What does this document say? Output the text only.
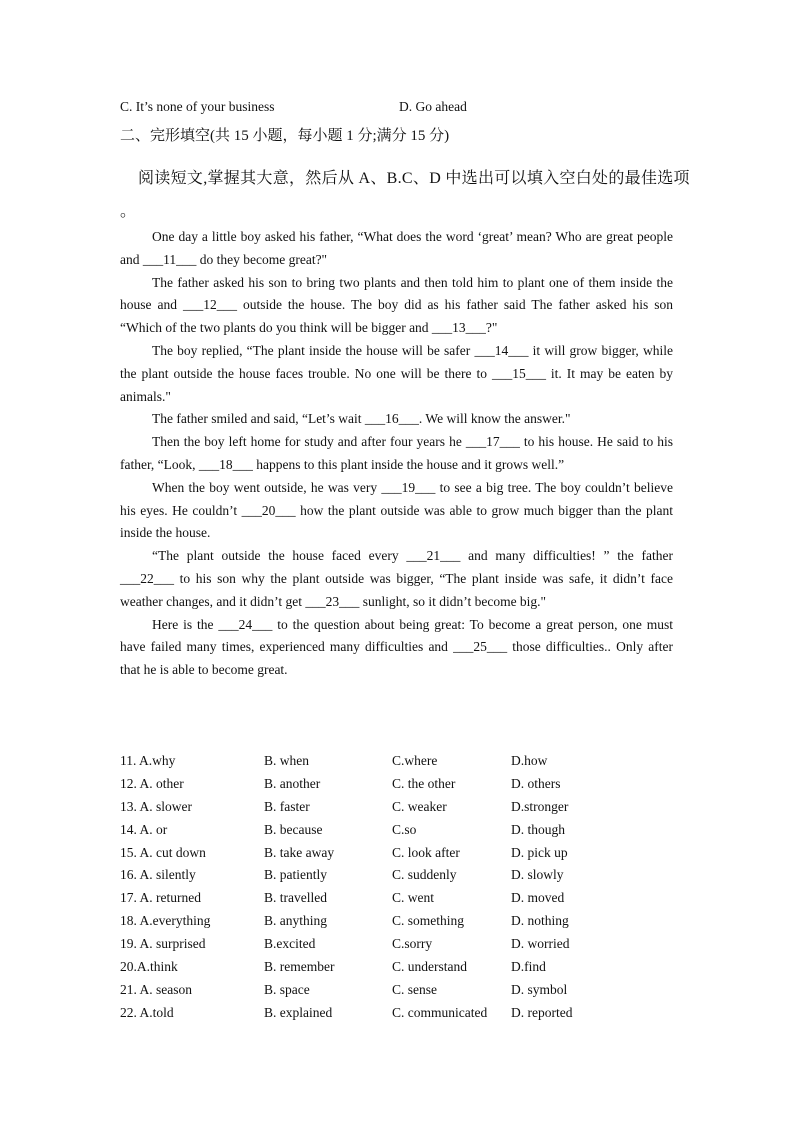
C. It’s none of your business	D. Go ahead
二、完形填空(共 15 小题，每小题 1 分;满分 15 分)
阅读短文,掌握其大意，然后从 A、B.C、D 中选出可以填入空白处的最佳选项
。

One day a little boy asked his father, “What does the word ‘great’ mean? Who are great people and ___11___ do they become great?"

The father asked his son to bring two plants and then told him to plant one of them inside the house and ___12___ outside the house. The boy did as his father said The father asked his son “Which of the two plants do you think will be bigger and ___13___?"

The boy replied, “The plant inside the house will be safer ___14___ it will grow bigger, while the plant outside the house faces trouble. No one will be there to ___15___ it. It may be eaten by animals."

The father smiled and said, “Let’s wait ___16___. We will know the answer."

Then the boy left home for study and after four years he ___17___ to his house. He said to his father, “Look, ___18___ happens to this plant inside the house and it grows well.”

When the boy went outside, he was very ___19___ to see a big tree. The boy couldn’t believe his eyes. He couldn’t ___20___ how the plant outside was able to grow much bigger than the plant inside the house.

“The plant outside the house faced every ___21___ and many difficulties! ” the father ___22___ to his son why the plant outside was bigger, “The plant inside was safe, it didn’t face weather changes, and it didn’t get ___23___ sunlight, so it didn’t become big."

Here is the ___24___ to the question about being great: To become a great person, one must have failed many times, experienced many difficulties and ___25___ those difficulties.. Only after that he is able to become great.

11. A.why	B. when	C.where	D.how
12. A. other	B. another	C. the other	D. others
13. A. slower	B. faster	C. weaker	D.stronger
14. A. or	B. because	C.so	D. though
15. A. cut down	B. take away	C. look after	D. pick up
16. A. silently	B. patiently	C. suddenly	D. slowly
17. A. returned	B. travelled	C. went	D. moved
18. A.everything	B. anything	C. something	D. nothing
19. A. surprised	B.excited	C.sorry	D. worried
20.A.think	B. remember	C. understand	D.find
21. A. season	B. space	C. sense	D. symbol
22. A.told	B. explained	C. communicated D. reported
